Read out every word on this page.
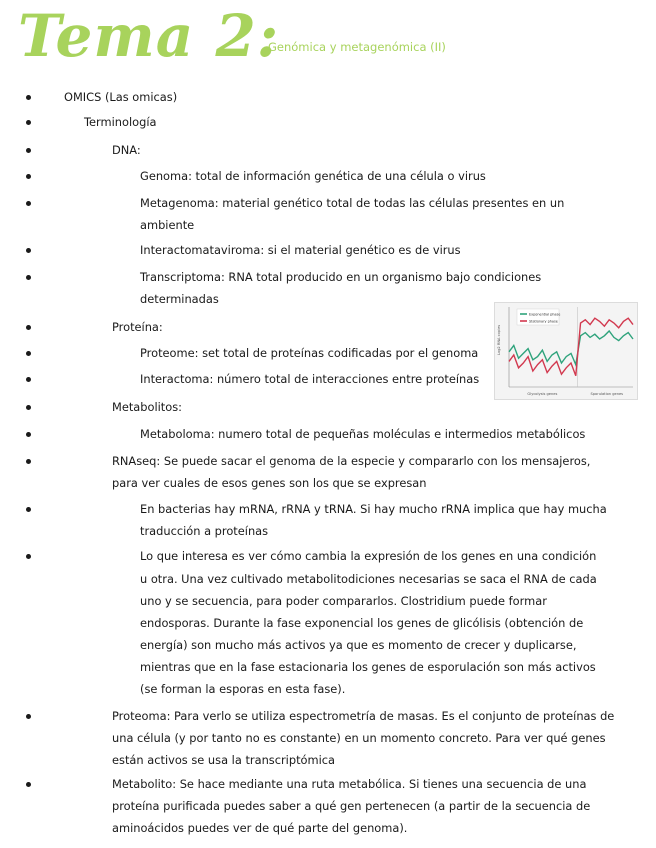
Tema 2:
Genómica y metagenómica (II)
OMICS (Las omicas)
Terminología
DNA:
Genoma: total de información genética de una célula o virus
Metagenoma: material genético total de todas las células presentes en un
ambiente
Interactomataviroma: si el material genético es de virus
Transcriptoma: RNA total producido en un organismo bajo condiciones
determinadas
Proteína:
Proteome: set total de proteínas codificadas por el genoma
Interactoma: número total de interacciones entre proteínas
Metabolitos:
Metaboloma: numero total de pequeñas moléculas e intermedios metabólicos
RNAseq: Se puede sacar el genoma de la especie y compararlo con los mensajeros,
para ver cuales de esos genes son los que se expresan
En bacterias hay mRNA, rRNA y tRNA. Si hay mucho rRNA implica que hay mucha
traducción a proteínas
Lo que interesa es ver cómo cambia la expresión de los genes en una condición
u otra. Una vez cultivado metabolitodiciones necesarias se saca el RNA de cada
uno y se secuencia, para poder compararlos. Clostridium puede formar
endosporas. Durante la fase exponencial los genes de glicólisis (obtención de
energía) son mucho más activos ya que es momento de crecer y duplicarse,
mientras que en la fase estacionaria los genes de esporulación son más activos
(se forman la esporas en esta fase).
Proteoma: Para verlo se utiliza espectrometría de masas. Es el conjunto de proteínas de
una célula (y por tanto no es constante) en un momento concreto. Para ver qué genes
están activos se usa la transcriptómica
Metabolito: Se hace mediante una ruta metabólica. Si tienes una secuencia de una
proteína purificada puedes saber a qué gen pertenecen (a partir de la secuencia de
aminoácidos puedes ver de qué parte del genoma).
Log2 RNA copies
Exponential phase
Stationary phase
Glycolysis genes	Sporulation genes
